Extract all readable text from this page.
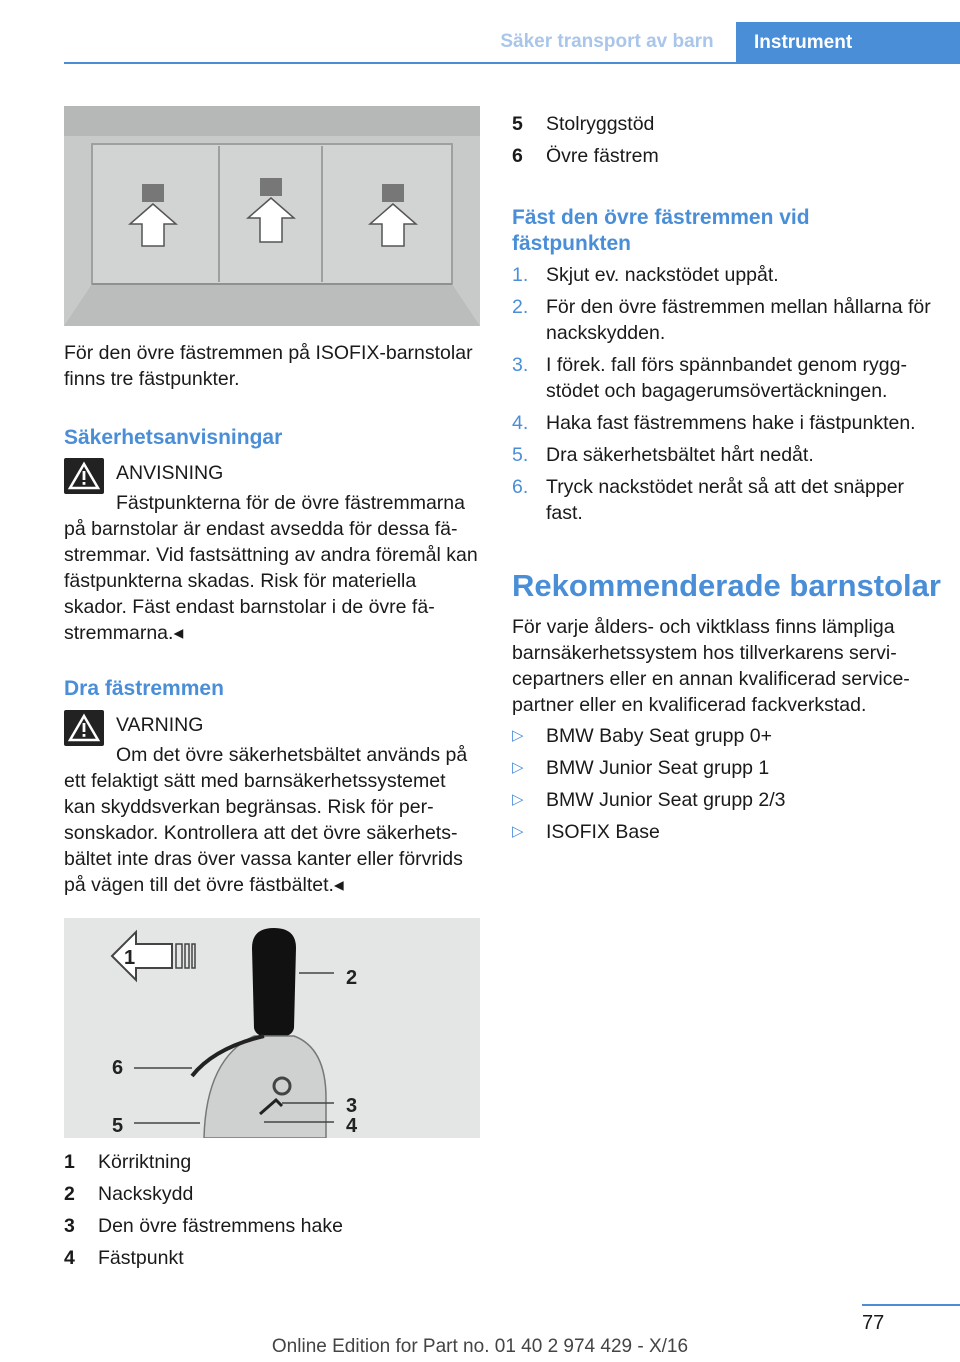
Säker transport av barn	Instrument
För den övre fästremmen på ISOFIX-barnstolar finns tre fästpunkter.
Säkerhetsanvisningar
ANVISNING
Fästpunkterna för de övre fästremmarna
på barnstolar är endast avsedda för dessa fä-stremmar. Vid fastsättning av andra föremål kan fästpunkterna skadas. Risk för materiella skador. Fäst endast barnstolar i de övre fä-stremmarna.◂
Dra fästremmen
VARNING
Om det övre säkerhetsbältet används på
ett felaktigt sätt med barnsäkerhetssystemet kan skyddsverkan begränsas. Risk för per-sonskador. Kontrollera att det övre säkerhets-bältet inte dras över vassa kanter eller förvrids på vägen till det övre fästbältet.◂
1
2
3
4
5
6
1	Körriktning
2	Nackskydd
3	Den övre fästremmens hake
4	Fästpunkt
5	Stolryggstöd
6	Övre fästrem
Fäst den övre fästremmen vid fästpunkten
1. Skjut ev. nackstödet uppåt.
2. För den övre fästremmen mellan hållarna för nackskydden.
3. I förek. fall förs spännbandet genom rygg-stödet och bagagerumsövertäckningen.
4. Haka fast fästremmens hake i fästpunkten.
5. Dra säkerhetsbältet hårt nedåt.
6. Tryck nackstödet neråt så att det snäpper fast.
Rekommenderade barnstolar
För varje ålders- och viktklass finns lämpliga barnsäkerhetssystem hos tillverkarens servi-cepartners eller en annan kvalificerad service-partner eller en kvalificerad fackverkstad.
▷	BMW Baby Seat grupp 0+
▷	BMW Junior Seat grupp 1
▷	BMW Junior Seat grupp 2/3
▷	ISOFIX Base
77
Online Edition for Part no. 01 40 2 974 429 - X/16
